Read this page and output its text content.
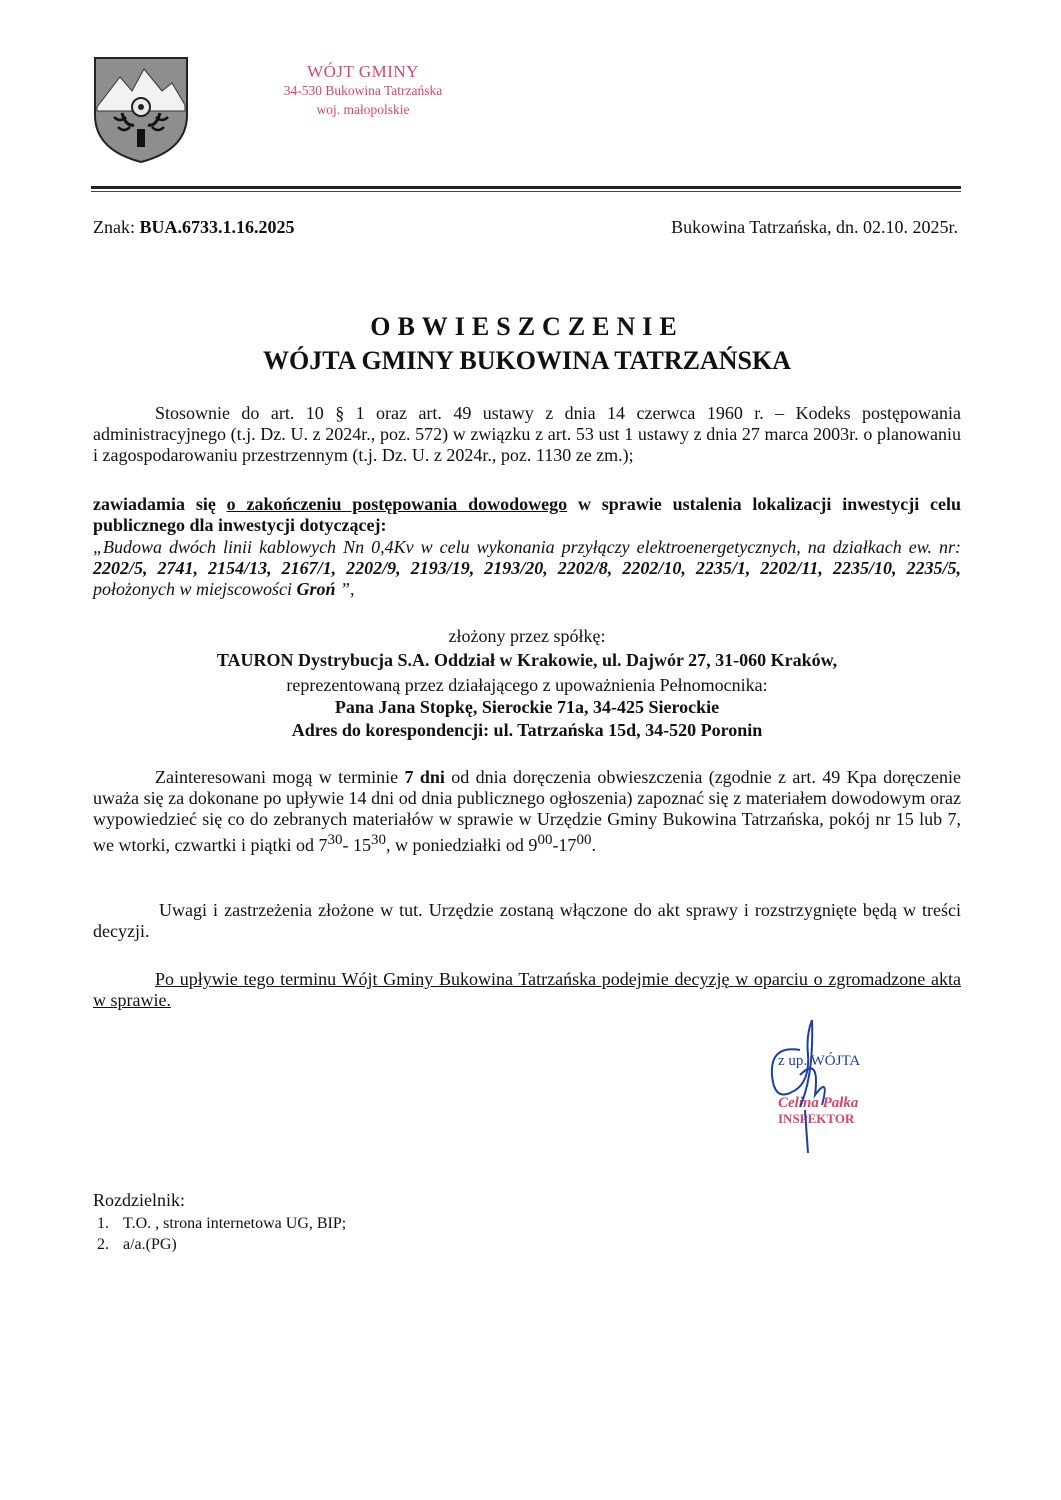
WÓJT GMINY
34-530 Bukowina Tatrzańska
woj. małopolskie
Znak: BUA.6733.1.16.2025	Bukowina Tatrzańska, dn. 02.10. 2025r.
OBWIESZCZENIE
WÓJTA GMINY BUKOWINA TATRZAŃSKA
Stosownie do art. 10 § 1 oraz art. 49 ustawy z dnia 14 czerwca 1960 r. – Kodeks postępowania administracyjnego (t.j. Dz. U. z 2024r., poz. 572) w związku z art. 53 ust 1 ustawy z dnia 27 marca 2003r. o planowaniu i zagospodarowaniu przestrzennym (t.j. Dz. U. z 2024r., poz. 1130 ze zm.);
zawiadamia się o zakończeniu postępowania dowodowego w sprawie ustalenia lokalizacji inwestycji celu publicznego dla inwestycji dotyczącej:
„Budowa dwóch linii kablowych Nn 0,4Kv w celu wykonania przyłączy elektroenergetycznych, na działkach ew. nr: 2202/5, 2741, 2154/13, 2167/1, 2202/9, 2193/19, 2193/20, 2202/8, 2202/10, 2235/1, 2202/11, 2235/10, 2235/5, położonych w miejscowości Groń ”,
złożony przez spółkę:
TAURON Dystrybucja S.A. Oddział w Krakowie, ul. Dajwór 27, 31-060 Kraków,
reprezentowaną przez działającego z upoważnienia Pełnomocnika:
Pana Jana Stopkę, Sierockie 71a, 34-425 Sierockie
Adres do korespondencji: ul. Tatrzańska 15d, 34-520 Poronin
Zainteresowani mogą w terminie 7 dni od dnia doręczenia obwieszczenia (zgodnie z art. 49 Kpa doręczenie uważa się za dokonane po upływie 14 dni od dnia publicznego ogłoszenia) zapoznać się z materiałem dowodowym oraz wypowiedzieć się co do zebranych materiałów w sprawie w Urzędzie Gminy Bukowina Tatrzańska, pokój nr 15 lub 7, we wtorki, czwartki i piątki od $7^{30}-$ $15^{30}$, w poniedziałki od $9^{00}-17^{00}$.
Uwagi i zastrzeżenia złożone w tut. Urzędzie zostaną włączone do akt sprawy i rozstrzygnięte będą w treści decyzji.
Po upływie tego terminu Wójt Gminy Bukowina Tatrzańska podejmie decyzję w oparciu o zgromadzone akta w sprawie.
z up. WÓJTA
Celina Pałka
INSPEKTOR
Rozdzielnik:
1. T.O. , strona internetowa UG, BIP;
2. a/a.(PG)
